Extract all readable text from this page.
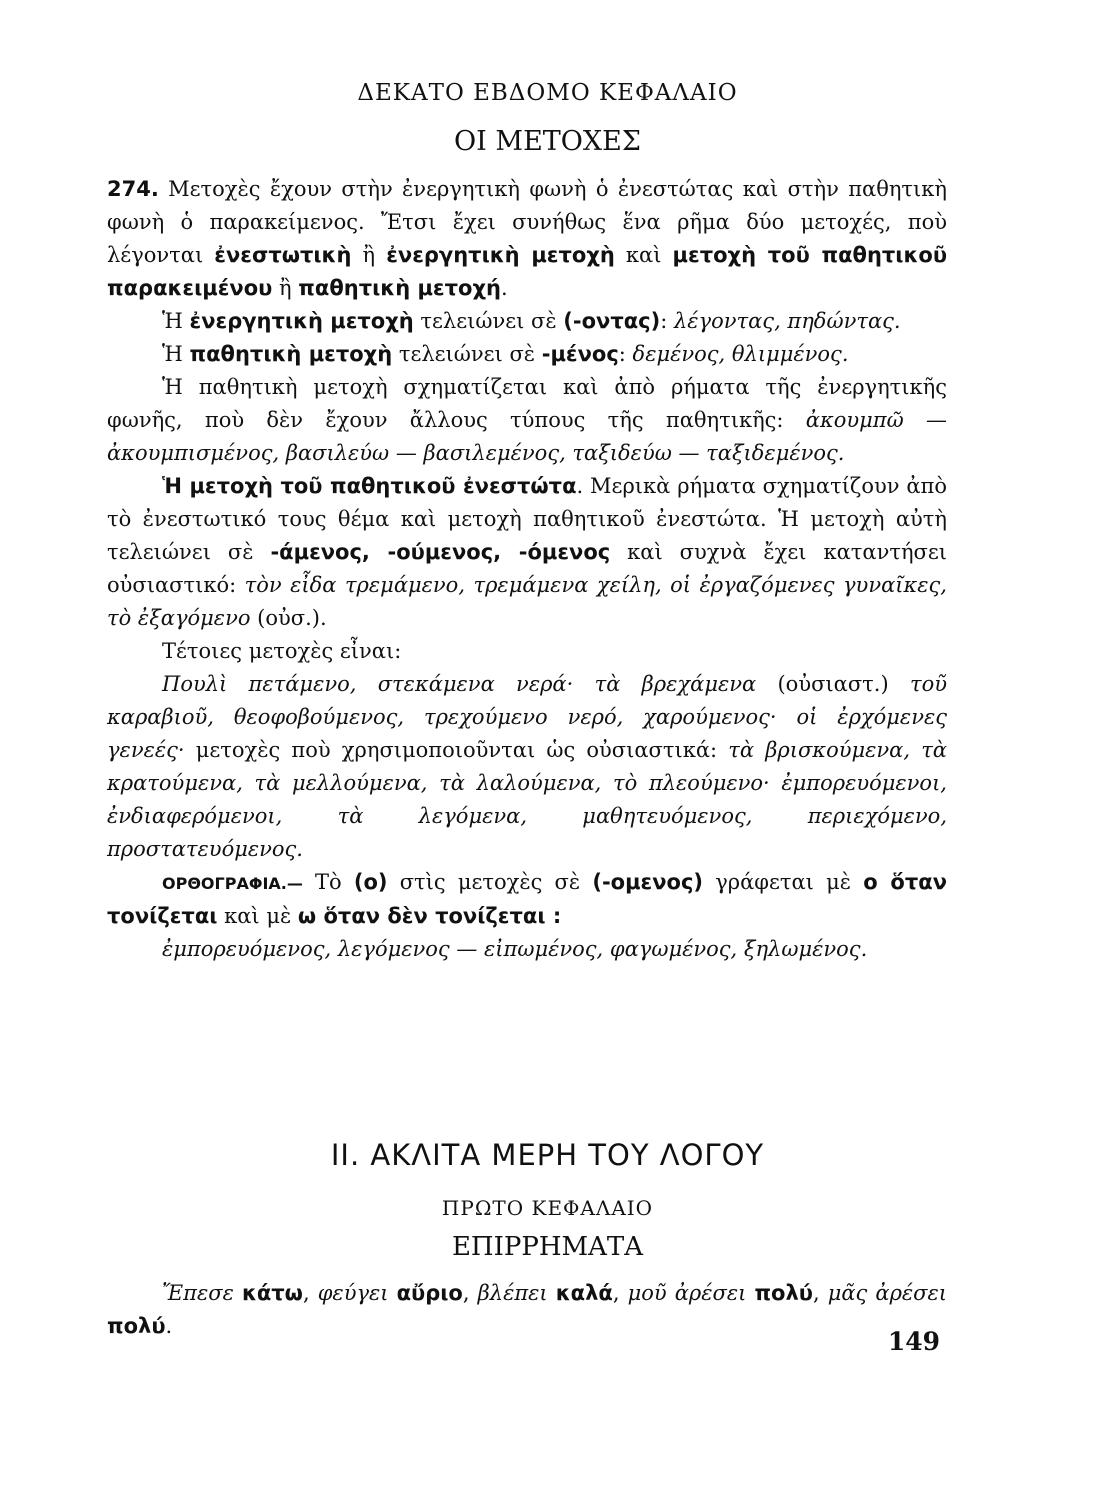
ΔΕΚΑΤΟ ΕΒΔΟΜΟ ΚΕΦΑΛΑΙΟ
ΟΙ ΜΕΤΟΧΕΣ

274. Μετοχὲς ἔχουν στὴν ἐνεργητικὴ φωνὴ ὁ ἐνεστώτας καὶ στὴν παθητικὴ φωνὴ ὁ παρακείμενος. Ἔτσι ἔχει συνήθως ἕνα ρῆμα δύο μετοχές, ποὺ λέγονται ἐνεστωτικὴ ἢ ἐνεργητικὴ μετοχὴ καὶ μετοχὴ τοῦ παθητικοῦ παρακειμένου ἢ παθητικὴ μετοχή.

Ἡ ἐνεργητικὴ μετοχὴ τελειώνει σὲ (-οντας): λέγοντας, πηδώντας.

Ἡ παθητικὴ μετοχὴ τελειώνει σὲ -μένος: δεμένος, θλιμμένος.

Ἡ παθητικὴ μετοχὴ σχηματίζεται καὶ ἀπὸ ρήματα τῆς ἐνεργητικῆς φωνῆς, ποὺ δὲν ἔχουν ἄλλους τύπους τῆς παθητικῆς: ἀκουμπῶ — ἀκουμπισμένος, βασιλεύω — βασιλεμένος, ταξιδεύω — ταξιδεμένος.

Ἡ μετοχὴ τοῦ παθητικοῦ ἐνεστώτα. Μερικὰ ρήματα σχηματίζουν ἀπὸ τὸ ἐνεστωτικό τους θέμα καὶ μετοχὴ παθητικοῦ ἐνεστώτα. Ἡ μετοχὴ αὐτὴ τελειώνει σὲ -άμενος, -ούμενος, -όμενος καὶ συχνὰ ἔχει καταντήσει οὐσιαστικό: τὸν εἶδα τρεμάμενο, τρεμάμενα χείλη, οἱ ἐργαζόμενες γυναῖκες, τὸ ἐξαγόμενο (οὐσ.).

Τέτοιες μετοχὲς εἶναι:

Πουλὶ πετάμενο, στεκάμενα νερά· τὰ βρεχάμενα (οὐσιαστ.) τοῦ καραβιοῦ, θεοφοβούμενος, τρεχούμενο νερό, χαρούμενος· οἱ ἐρχόμενες γενεές· μετοχὲς ποὺ χρησιμοποιοῦνται ὡς οὐσιαστικά: τὰ βρισκούμενα, τὰ κρατούμενα, τὰ μελλούμενα, τὰ λαλούμενα, τὸ πλεούμενο· ἐμπορευόμενοι, ἐνδιαφερόμενοι, τὰ λεγόμενα, μαθητευόμενος, περιεχόμενο, προστατευόμενος.

ΟΡΘΟΓΡΑΦΙΑ.— Τὸ (ο) στὶς μετοχὲς σὲ (-ομενος) γράφεται μὲ ο ὅταν τονίζεται καὶ μὲ ω ὅταν δὲν τονίζεται :

ἐμπορευόμενος, λεγόμενος — εἰπωμένος, φαγωμένος, ξηλωμένος.

II. ΑΚΛΙΤΑ ΜΕΡΗ ΤΟΥ ΛΟΓΟΥ
ΠΡΩΤΟ ΚΕΦΑΛΑΙΟ
ΕΠΙΡΡΗΜΑΤΑ

Ἔπεσε κάτω, φεύγει αὔριο, βλέπει καλά, μοῦ ἀρέσει πολύ, μᾶς ἀρέσει πολύ.

149
